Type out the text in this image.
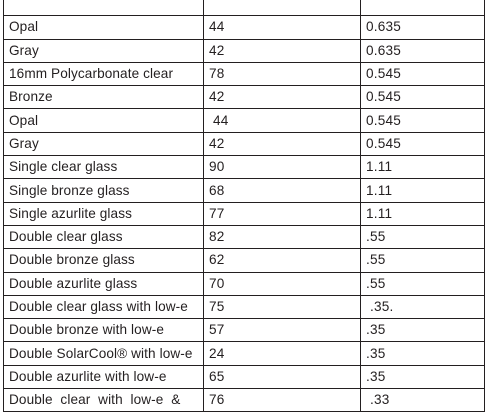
Opal	44	0.635
Gray	42	0.635
16mm Polycarbonate clear	78	0.545
Bronze	42	0.545
Opal	44	0.545
Gray	42	0.545
Single clear glass	90	1.11
Single bronze glass	68	1.11
Single azurlite glass	77	1.11
Double clear glass	82	.55
Double bronze glass	62	.55
Double azurlite glass	70	.55
Double clear glass with low-e	75	.35.
Double bronze with low-e	57	.35
Double SolarCool® with low-e	24	.35
Double azurlite with low-e	65	.35
Double  clear  with  low-e  &	76	.33
